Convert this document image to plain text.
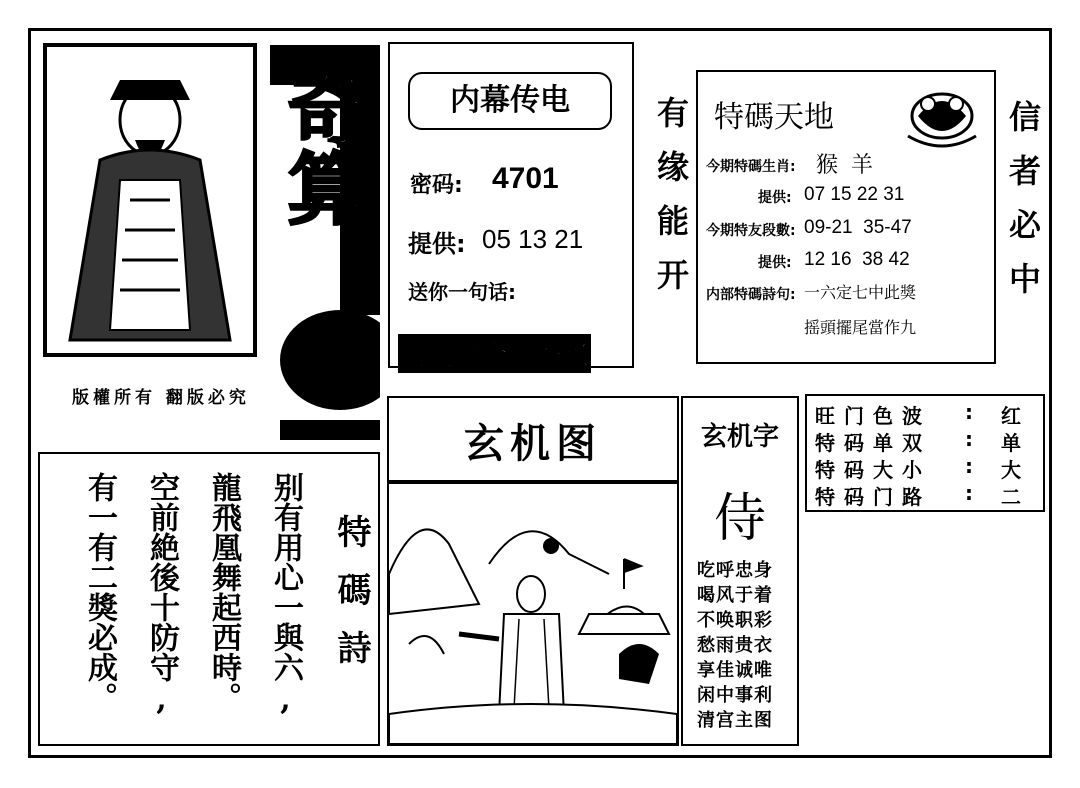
奇算
版權所有 翻版必究
内幕传电
密码: 4701
提供: 05 13 21
送你一句话:
情投意合四季兴
有缘能开 特碼天地
今期特碼生肖: 猴 羊
提供: 07 15 22 31
今期特友段數: 09-21  35-47
提供: 12 16  38 42
内部特碼詩句: 一六定七中此獎
摇頭擺尾當作九
信者必中
旺门色波	:	红
特码单双	:	单
特码大小	:	大
特码门路	:	二
玄机图	玄机字
侍
吃呼忠身
喝风于着
不唤职彩
愁雨贵衣
享佳诚唯
闲中事利
清宫主图
特碼詩
别有用心一與六,
龍飛凰舞起西時。
空前絶後十防守,
有一有二獎必成。
